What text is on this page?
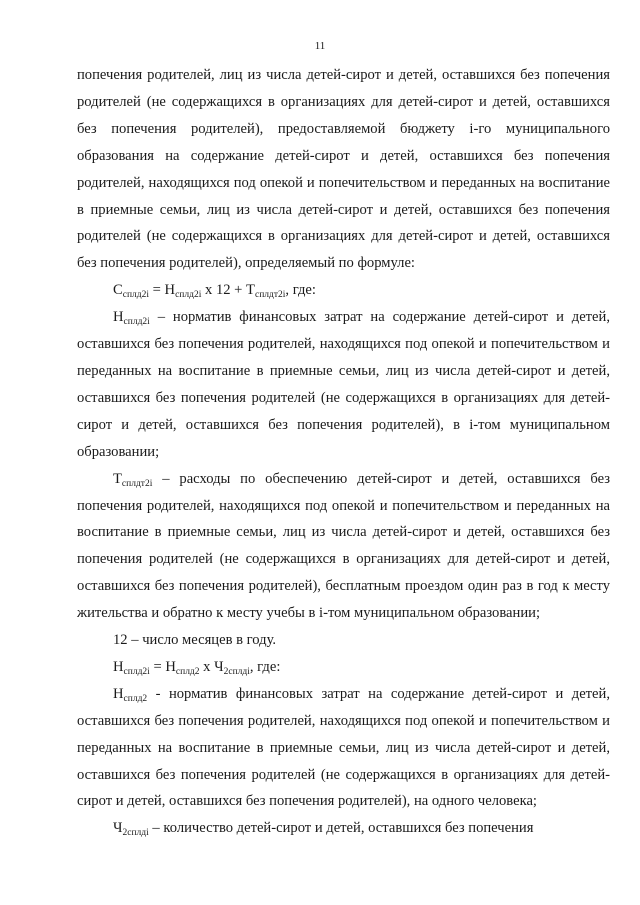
11

попечения родителей, лиц из числа детей-сирот и детей, оставшихся без попечения родителей (не содержащихся в организациях для детей-сирот и детей, оставшихся без попечения родителей), предоставляемой бюджету i-го муниципального образования на содержание детей-сирот и детей, оставшихся без попечения родителей, находящихся под опекой и попечительством и переданных на воспитание в приемные семьи, лиц из числа детей-сирот и детей, оставшихся без попечения родителей (не содержащихся в организациях для детей-сирот и детей, оставшихся без попечения родителей), определяемый по формуле:

$С_{сплд2i} = Н_{сплд2i}$ х $12 + Т_{сплдт2i}$, где:

$Н_{сплд2i}$ – норматив финансовых затрат на содержание детей-сирот и детей, оставшихся без попечения родителей, находящихся под опекой и попечительством и переданных на воспитание в приемные семьи, лиц из числа детей-сирот и детей, оставшихся без попечения родителей (не содержащихся в организациях для детей-сирот и детей, оставшихся без попечения родителей), в i-том муниципальном образовании;

$Т_{сплдт2i}$ – расходы по обеспечению детей-сирот и детей, оставшихся без попечения родителей, находящихся под опекой и попечительством и переданных на воспитание в приемные семьи, лиц из числа детей-сирот и детей, оставшихся без попечения родителей (не содержащихся в организациях для детей-сирот и детей, оставшихся без попечения родителей), бесплатным проездом один раз в год к месту жительства и обратно к месту учебы в i-том муниципальном образовании;

12 – число месяцев в году.

$Н_{сплд2i} = Н_{сплд2}$ х $Ч_{2сплдi}$, где:

$Н_{сплд2}$ - норматив финансовых затрат на содержание детей-сирот и детей, оставшихся без попечения родителей, находящихся под опекой и попечительством и переданных на воспитание в приемные семьи, лиц из числа детей-сирот и детей, оставшихся без попечения родителей (не содержащихся в организациях для детей-сирот и детей, оставшихся без попечения родителей), на одного человека;

$Ч_{2сплдi}$ – количество детей-сирот и детей, оставшихся без попечения
